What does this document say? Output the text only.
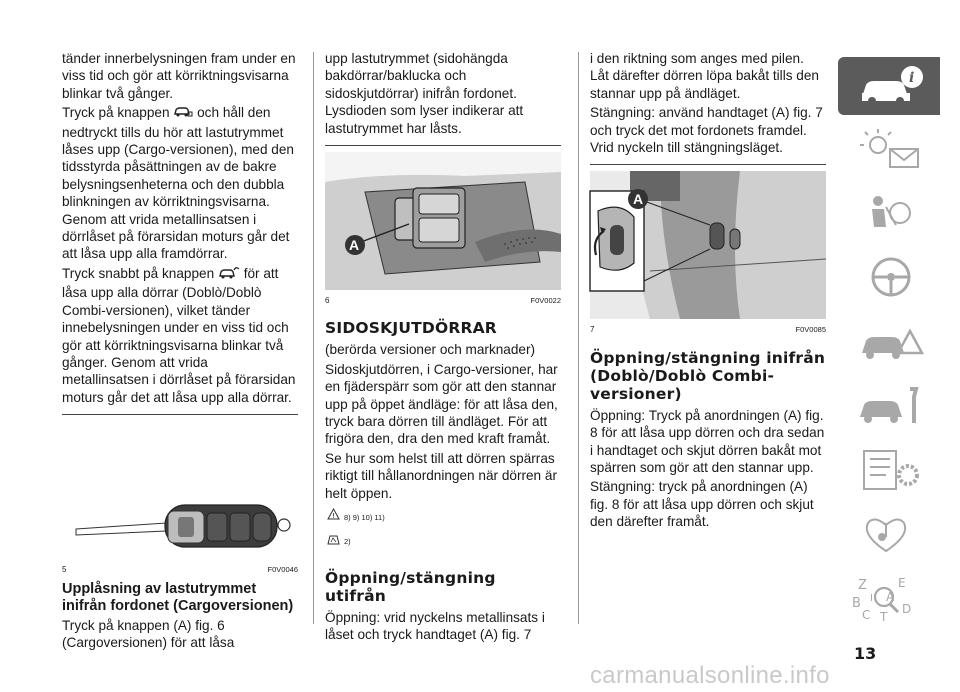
tänder innerbelysningen fram under en viss tid och gör att körriktningsvisarna blinkar två gånger.

Tryck på knappen och håll den nedtryckt tills du hör att lastutrymmet låses upp (Cargo-versionen), med den tidsstyrda påsättningen av de bakre belysningsenheterna och den dubbla blinkningen av körriktningsvisarna. Genom att vrida metallinsatsen i dörrlåset på förarsidan moturs går det att låsa upp alla framdörrar.

Tryck snabbt på knappen för att låsa upp alla dörrar (Doblò/Doblò Combi-versionen), vilket tänder innebelysningen under en viss tid och gör att körriktningsvisarna blinkar två gånger. Genom att vrida metallinsatsen i dörrlåset på förarsidan moturs går det att låsa upp alla dörrar.

5	F0V0046
Upplåsning av lastutrymmet inifrån fordonet (Cargoversionen)

Tryck på knappen (A) fig. 6 (Cargoversionen) för att låsa

upp lastutrymmet (sidohängda bakdörrar/baklucka och sidoskjutdörrar) inifrån fordonet. Lysdioden som lyser indikerar att lastutrymmet har låsts.

A
6	F0V0022
SIDOSKJUTDÖRRAR

(berörda versioner och marknader)

Sidoskjutdörren, i Cargo-versioner, har en fjäderspärr som gör att den stannar upp på öppet ändläge: för att låsa den, tryck bara dörren till ändläget. För att frigöra den, dra den med kraft framåt.

Se hur som helst till att dörren spärras riktigt till hållanordningen när dörren är helt öppen.

! 8) 9) 10) 11)
2)
Öppning/stängning utifrån

Öppning: vrid nyckelns metallinsats i låset och tryck handtaget (A) fig. 7

i den riktning som anges med pilen. Låt därefter dörren löpa bakåt tills den stannar upp på ändläget.

Stängning: använd handtaget (A) fig. 7 och tryck det mot fordonets framdel. Vrid nyckeln till stängningsläget.

A
7	F0V0085
Öppning/stängning inifrån (Doblò/Doblò Combi-versioner)

Öppning: Tryck på anordningen (A) fig. 8 för att låsa upp dörren och dra sedan i handtaget och skjut dörren bakåt mot spärren som gör att den stannar upp.

Stängning: tryck på anordningen (A) fig. 8 för att låsa upp dörren och skjut den därefter framåt.

i
Z	E
B A
C T
D
I
13
carmanualsonline.info
